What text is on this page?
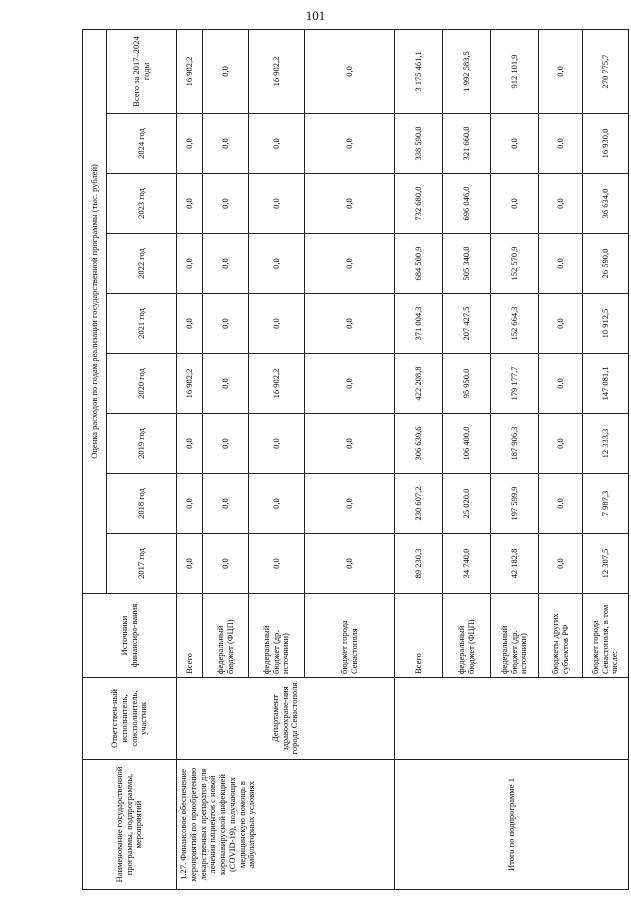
101
Наименование государственной программы, подпрограммы, мероприятий	Ответствен-ный исполнитель, соисполнитель, участник	Источники финансиро-вания	Оценка расходов по годам реализации государственной программы (тыс. рублей)								
			2017 год	2018 год	2019 год	2020 год	2021 год	2022 год	2023 год	2024 год	Всего за 2017–2024 годы
1.27. Финансовое обеспечение мероприятий по приобретению лекарственных препаратов для лечения пациентов с новой коронавирусной инфекцией (COVID-19), получающих медицинскую помощь в амбулаторных условиях	Департамент здравоохране-ния города Севастополя	Всего	0,0	0,0	0,0	16 902,2	0,0	0,0	0,0	0,0	16 902,2
		федеральный бюджет (ФЦП)	0,0	0,0	0,0	0,0	0,0	0,0	0,0	0,0	0,0
		федеральный бюджет (др. источники)	0,0	0,0	0,0	16 902,2	0,0	0,0	0,0	0,0	16 902,2
		бюджет города Севастополя	0,0	0,0	0,0	0,0	0,0	0,0	0,0	0,0	0,0
Итого по подпрограмме 1		Всего	89 230,3	230 607,2	306 639,6	422 208,8	371 004,3	684 500,9	732 680,0	338 590,0	3 175 461,1
		федеральный бюджет (ФЦП)	34 740,0	25 020,0	106 400,0	95 950,0	207 427,5	505 340,0	696 046,0	321 660,0	1 992 583,5
		федеральный бюджет (др. источники)	42 182,8	197 599,9	187 906,3	179 177,7	152 664,3	152 570,9	0,0	0,0	912 101,9
		бюджеты других субъектов РФ	0,0	0,0	0,0	0,0	0,0	0,0	0,0	0,0	0,0
		бюджет города Севастополя, в том числе:	12 307,5	7 987,3	12 333,3	147 081,1	10 912,5	26 590,0	36 634,0	16 930,0	270 775,7
